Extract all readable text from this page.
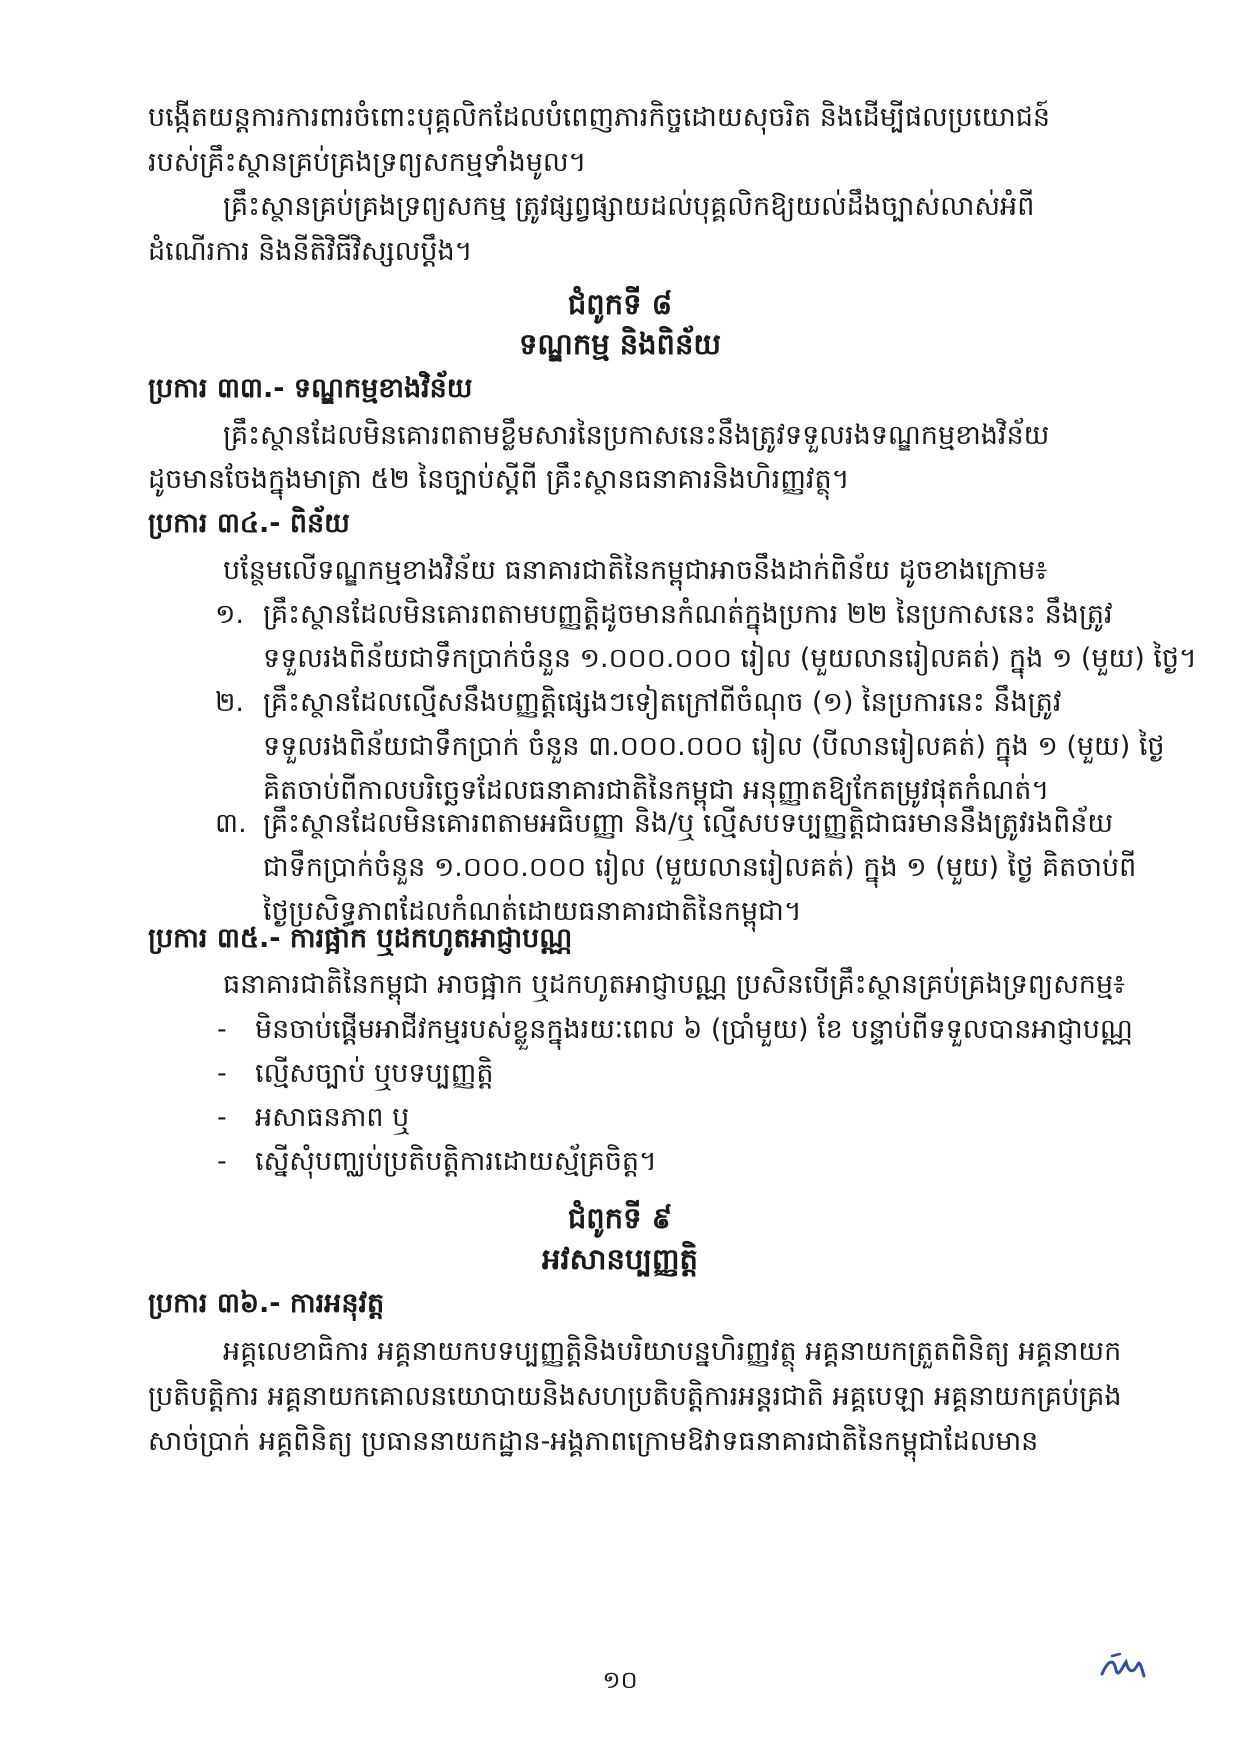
បង្កើតយន្តការការពារចំពោះបុគ្គលិកដែលបំពេញភារកិច្ចដោយសុចរិត និងដើម្បីផលប្រយោជន៍
របស់គ្រឹះស្ថានគ្រប់គ្រងទ្រព្យសកម្មទាំងមូល។
គ្រឹះស្ថានគ្រប់គ្រងទ្រព្យសកម្ម ត្រូវផ្សព្វផ្សាយដល់បុគ្គលិកឱ្យយល់ដឹងច្បាស់លាស់អំពី
ដំណើរការ និងនីតិវិធីវិស្សលប្ដឹង។
ជំពូកទី ៨
ទណ្ឌកម្ម និងពិន័យ
ប្រការ ៣៣.- ទណ្ឌកម្មខាងវិន័យ
គ្រឹះស្ថានដែលមិនគោរពតាមខ្លឹមសារនៃប្រកាសនេះនឹងត្រូវទទួលរងទណ្ឌកម្មខាងវិន័យ
ដូចមានចែងក្នុងមាត្រា ៥២ នៃច្បាប់ស្ដីពី គ្រឹះស្ថានធនាគារនិងហិរញ្ញវត្ថុ។
ប្រការ ៣៤.- ពិន័យ
បន្ថែមលើទណ្ឌកម្មខាងវិន័យ ធនាគារជាតិនៃកម្ពុជាអាចនឹងដាក់ពិន័យ ដូចខាងក្រោម៖
១. គ្រឹះស្ថានដែលមិនគោរពតាមបញ្ញត្តិដូចមានកំណត់ក្នុងប្រការ ២២ នៃប្រកាសនេះ នឹងត្រូវ
ទទួលរងពិន័យជាទឹកប្រាក់ចំនួន ១.០០០.០០០ រៀល (មួយលានរៀលគត់) ក្នុង ១ (មួយ) ថ្ងៃ។
២. គ្រឹះស្ថានដែលល្មើសនឹងបញ្ញត្តិផ្សេងៗទៀតក្រៅពីចំណុច (១) នៃប្រការនេះ នឹងត្រូវ
ទទួលរងពិន័យជាទឹកប្រាក់ ចំនួន ៣.០០០.០០០ រៀល (បីលានរៀលគត់) ក្នុង ១ (មួយ) ថ្ងៃ
គិតចាប់ពីកាលបរិច្ឆេទដែលធនាគារជាតិនៃកម្ពុជា អនុញ្ញាតឱ្យកែតម្រូវផុតកំណត់។
៣. គ្រឹះស្ថានដែលមិនគោរពតាមអធិបញ្ញា និង/ឬ ល្មើសបទប្បញ្ញត្តិជាធរមាននឹងត្រូវរងពិន័យ
ជាទឹកប្រាក់ចំនួន ១.០០០.០០០ រៀល (មួយលានរៀលគត់) ក្នុង ១ (មួយ) ថ្ងៃ គិតចាប់ពី
ថ្ងៃប្រសិទ្ធភាពដែលកំណត់ដោយធនាគារជាតិនៃកម្ពុជា។
ប្រការ ៣៥.- ការផ្អាក ឬដកហូតអាជ្ញាបណ្ណ
ធនាគារជាតិនៃកម្ពុជា អាចផ្អាក ឬដកហូតអាជ្ញាបណ្ណ ប្រសិនបើគ្រឹះស្ថានគ្រប់គ្រងទ្រព្យសកម្ម៖
-	មិនចាប់ផ្ដើមអាជីវកម្មរបស់ខ្លួនក្នុងរយៈពេល ៦ (ប្រាំមួយ) ខែ បន្ទាប់ពីទទួលបានអាជ្ញាបណ្ណ
-	ល្មើសច្បាប់ ឬបទប្បញ្ញត្តិ
-	អសាធនភាព ឬ
-	ស្នើសុំបញ្ឈប់ប្រតិបត្តិការដោយស្ម័គ្រចិត្ត។
ជំពូកទី ៩
អវសានប្បញ្ញត្តិ
ប្រការ ៣៦.- ការអនុវត្ត
អគ្គលេខាធិការ អគ្គនាយកបទប្បញ្ញត្តិនិងបរិយាបន្នហិរញ្ញវត្ថុ អគ្គនាយកត្រួតពិនិត្យ អគ្គនាយក
ប្រតិបត្តិការ អគ្គនាយកគោលនយោបាយនិងសហប្រតិបត្តិការអន្តរជាតិ អគ្គបេឡា អគ្គនាយកគ្រប់គ្រង
សាច់ប្រាក់ អគ្គពិនិត្យ ប្រធាននាយកដ្ឋាន-អង្គភាពក្រោមឱវាទធនាគារជាតិនៃកម្ពុជាដែលមាន
១០
